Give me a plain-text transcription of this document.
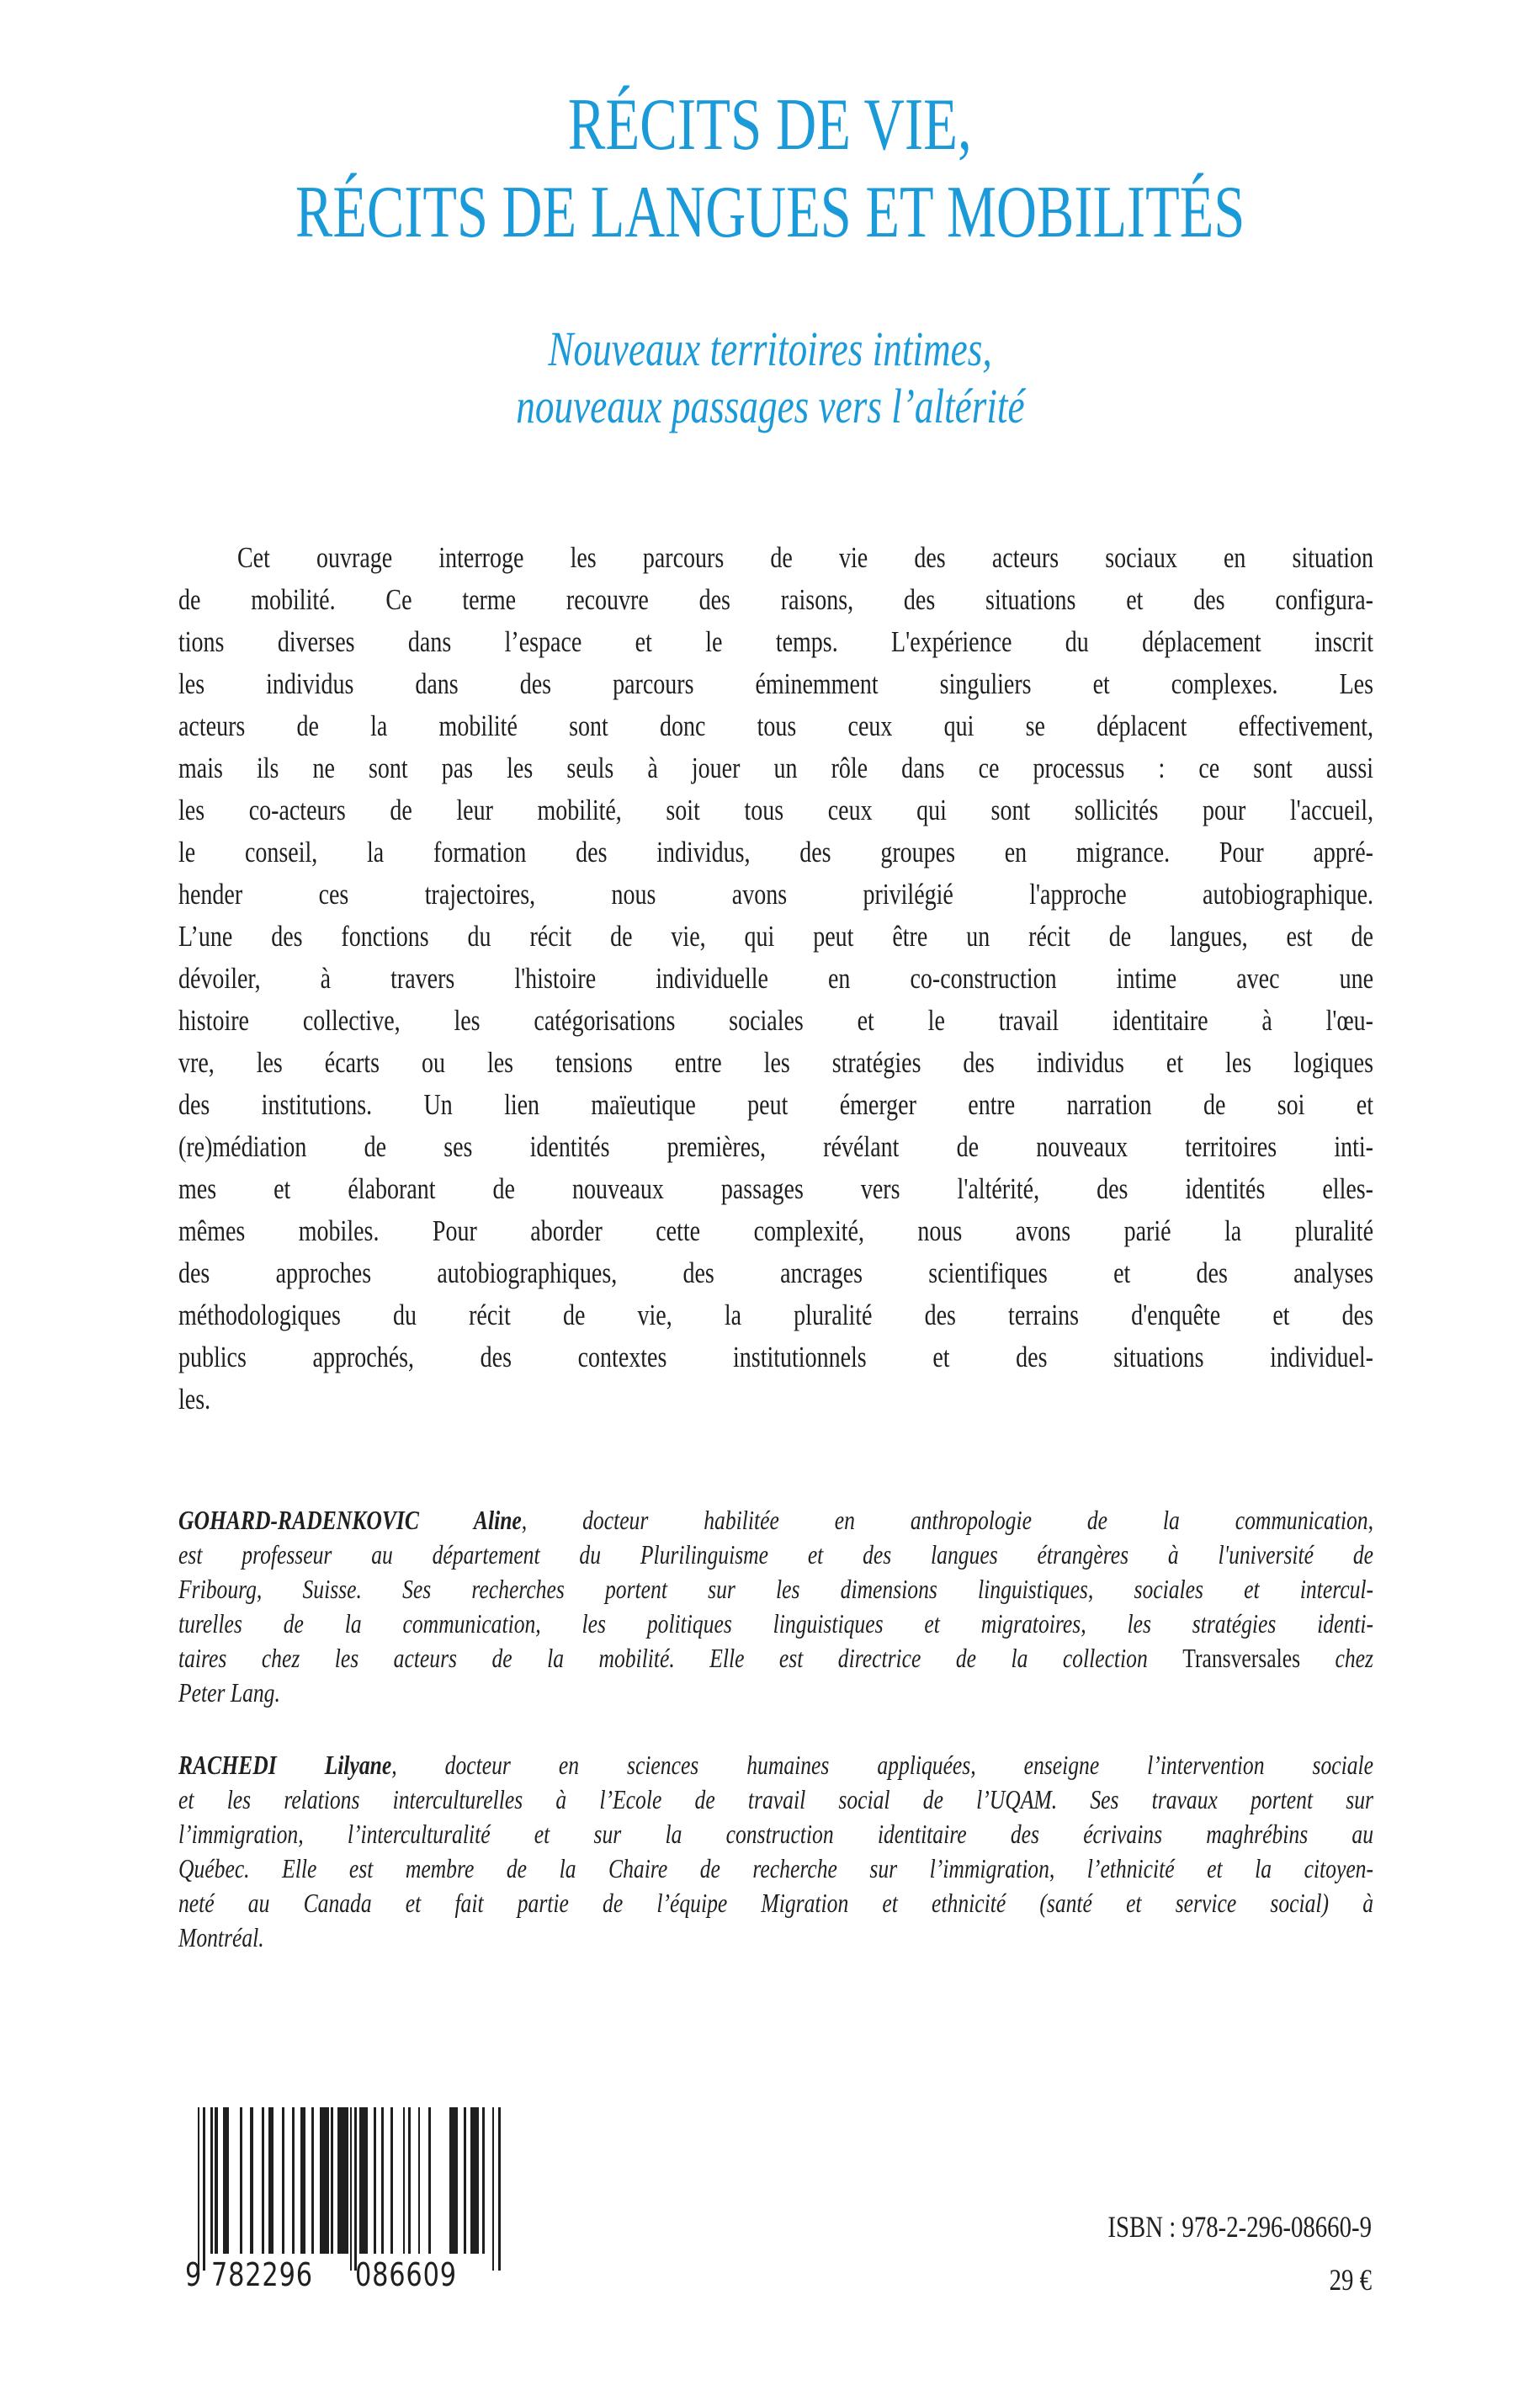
RÉCITS DE VIE,
RÉCITS DE LANGUES ET MOBILITÉS
Nouveaux territoires intimes,
nouveaux passages vers l’altérité
Cet ouvrage interroge les parcours de vie des acteurs sociaux en situation
de mobilité. Ce terme recouvre des raisons, des situations et des configura-
tions diverses dans l’espace et le temps. L'expérience du déplacement inscrit
les individus dans des parcours éminemment singuliers et complexes. Les
acteurs de la mobilité sont donc tous ceux qui se déplacent effectivement,
mais ils ne sont pas les seuls à jouer un rôle dans ce processus : ce sont aussi
les co-acteurs de leur mobilité, soit tous ceux qui sont sollicités pour l'accueil,
le conseil, la formation des individus, des groupes en migrance. Pour appré-
hender ces trajectoires, nous avons privilégié l'approche autobiographique.
L’une des fonctions du récit de vie, qui peut être un récit de langues, est de
dévoiler, à travers l'histoire individuelle en co-construction intime avec une
histoire collective, les catégorisations sociales et le travail identitaire à l'œu-
vre, les écarts ou les tensions entre les stratégies des individus et les logiques
des institutions. Un lien maïeutique peut émerger entre narration de soi et
(re)médiation de ses identités premières, révélant de nouveaux territoires inti-
mes et élaborant de nouveaux passages vers l'altérité, des identités elles-
mêmes mobiles. Pour aborder cette complexité, nous avons parié la pluralité
des approches autobiographiques, des ancrages scientifiques et des analyses
méthodologiques du récit de vie, la pluralité des terrains d'enquête et des
publics approchés, des contextes institutionnels et des situations individuel-
les.
GOHARD-RADENKOVIC Aline, docteur habilitée en anthropologie de la communication,
est professeur au département du Plurilinguisme et des langues étrangères à l'université de
Fribourg, Suisse. Ses recherches portent sur les dimensions linguistiques, sociales et intercul-
turelles de la communication, les politiques linguistiques et migratoires, les stratégies identi-
taires chez les acteurs de la mobilité. Elle est directrice de la collection Transversales chez
Peter Lang.
RACHEDI Lilyane, docteur en sciences humaines appliquées, enseigne l’intervention sociale
et les relations interculturelles à l’Ecole de travail social de l’UQAM. Ses travaux portent sur
l’immigration, l’interculturalité et sur la construction identitaire des écrivains maghrébins au
Québec. Elle est membre de la Chaire de recherche sur l’immigration, l’ethnicité et la citoyen-
neté au Canada et fait partie de l’équipe Migration et ethnicité (santé et service social) à
Montréal.
9 782296 086609
ISBN : 978-2-296-08660-9
29 €
